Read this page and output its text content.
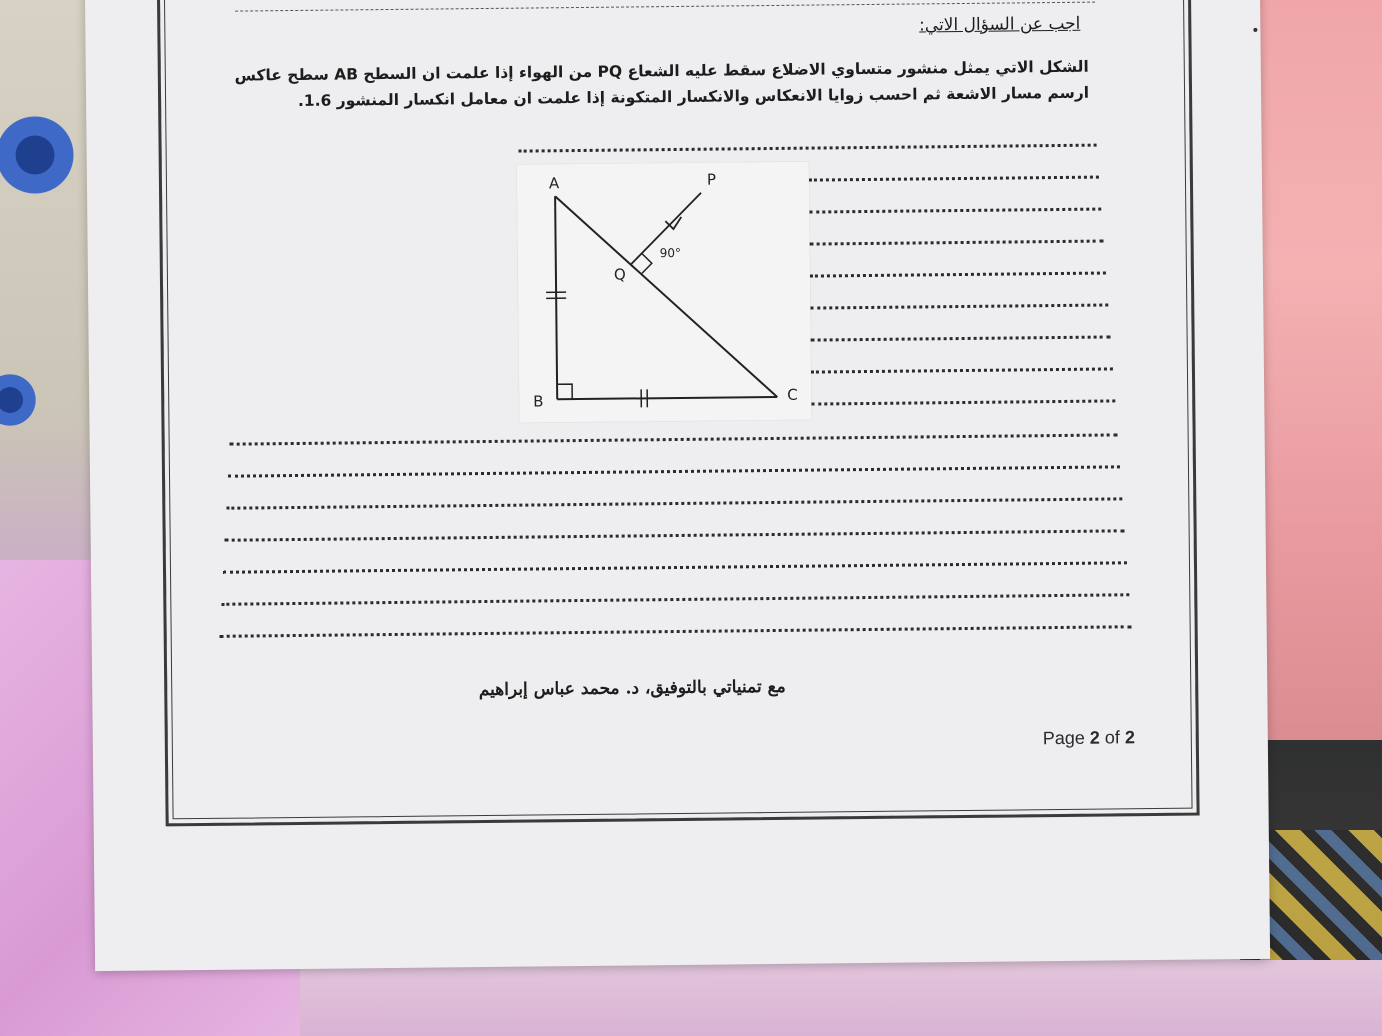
اجب عن السؤال الاتي:
الشكل الاتي يمثل منشور متساوي الاضلاع سقط عليه الشعاع PQ من الهواء إذا علمت ان السطح AB سطح عاكس
ارسم مسار الاشعة ثم احسب زوايا الانعكاس والانكسار المتكونة إذا علمت ان معامل انكسار المنشور 1.6.
A
B	C
P
Q
90°
مع تمنياتي بالتوفيق، د. محمد عباس إبراهيم
Page 2 of 2
